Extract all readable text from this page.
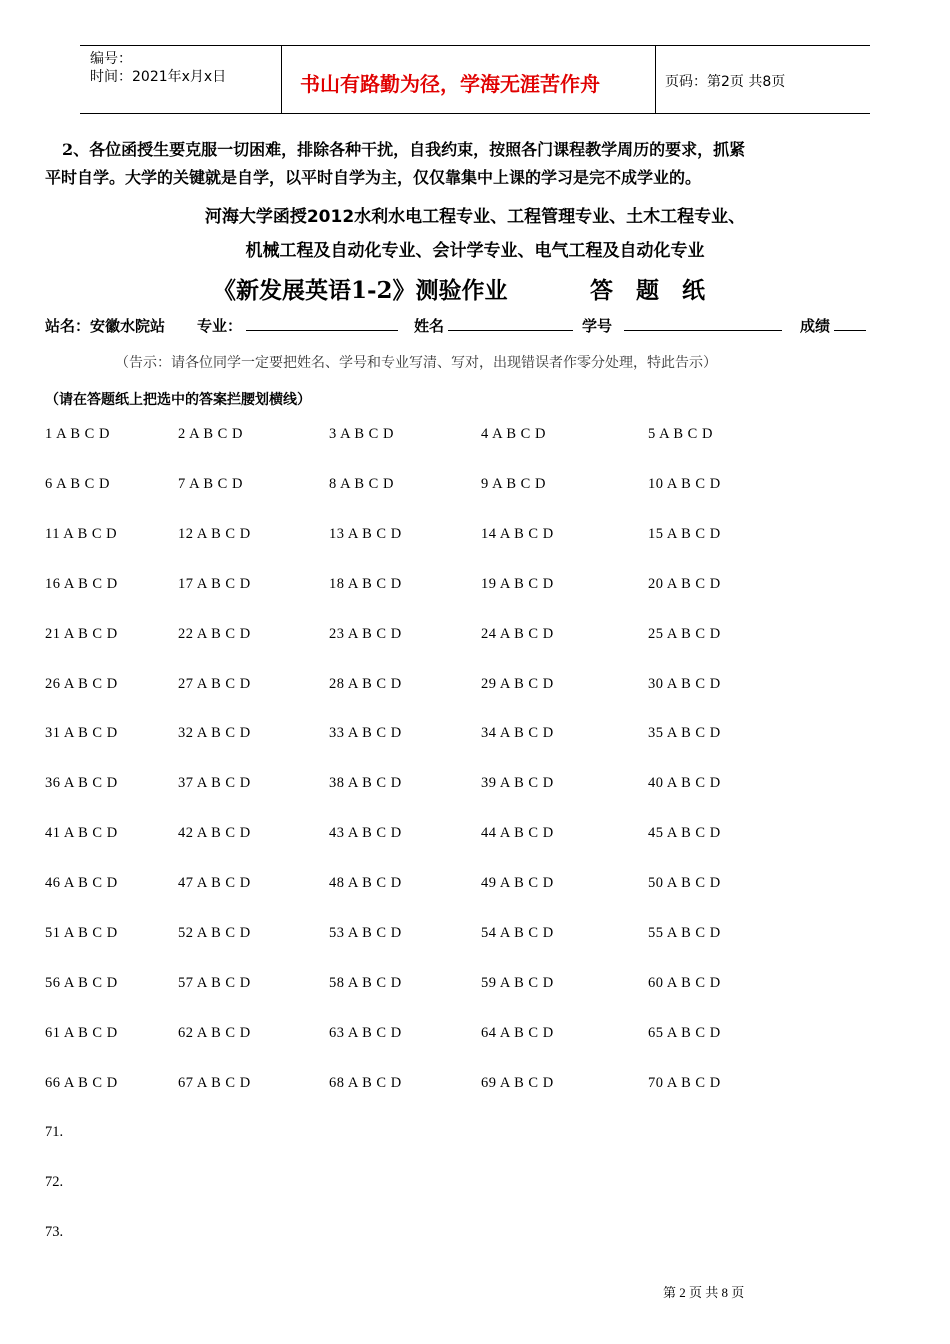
编号：
时间：2021年x月x日	书山有路勤为径，学海无涯苦作舟	页码：第2页 共8页
2、各位函授生要克服一切困难，排除各种干扰，自我约束，按照各门课程教学周历的要求，抓紧
平时自学。大学的关键就是自学，以平时自学为主，仅仅靠集中上课的学习是完不成学业的。
河海大学函授2012水利水电工程专业、工程管理专业、土木工程专业、
机械工程及自动化专业、会计学专业、电气工程及自动化专业
《新发展英语1-2》测验作业	答　题　纸
站名：安徽水院站 专业：	姓名	学号	成绩
（告示：请各位同学一定要把姓名、学号和专业写清、写对，出现错误者作零分处理，特此告示）
（请在答题纸上把选中的答案拦腰划横线）
1 A B C D	2 A B C D	3 A B C D	4 A B C D	5 A B C D
6 A B C D	7 A B C D	8 A B C D	9 A B C D	10 A B C D
11 A B C D	12 A B C D	13 A B C D	14 A B C D	15 A B C D
16 A B C D	17 A B C D	18 A B C D	19 A B C D	20 A B C D
21 A B C D	22 A B C D	23 A B C D	24 A B C D	25 A B C D
26 A B C D	27 A B C D	28 A B C D	29 A B C D	30 A B C D
31 A B C D	32 A B C D	33 A B C D	34 A B C D	35 A B C D
36 A B C D	37 A B C D	38 A B C D	39 A B C D	40 A B C D
41 A B C D	42 A B C D	43 A B C D	44 A B C D	45 A B C D
46 A B C D	47 A B C D	48 A B C D	49 A B C D	50 A B C D
51 A B C D	52 A B C D	53 A B C D	54 A B C D	55 A B C D
56 A B C D	57 A B C D	58 A B C D	59 A B C D	60 A B C D
61 A B C D	62 A B C D	63 A B C D	64 A B C D	65 A B C D
66 A B C D	67 A B C D	68 A B C D	69 A B C D	70 A B C D
71.
72.
73.
第 2 页 共 8 页
